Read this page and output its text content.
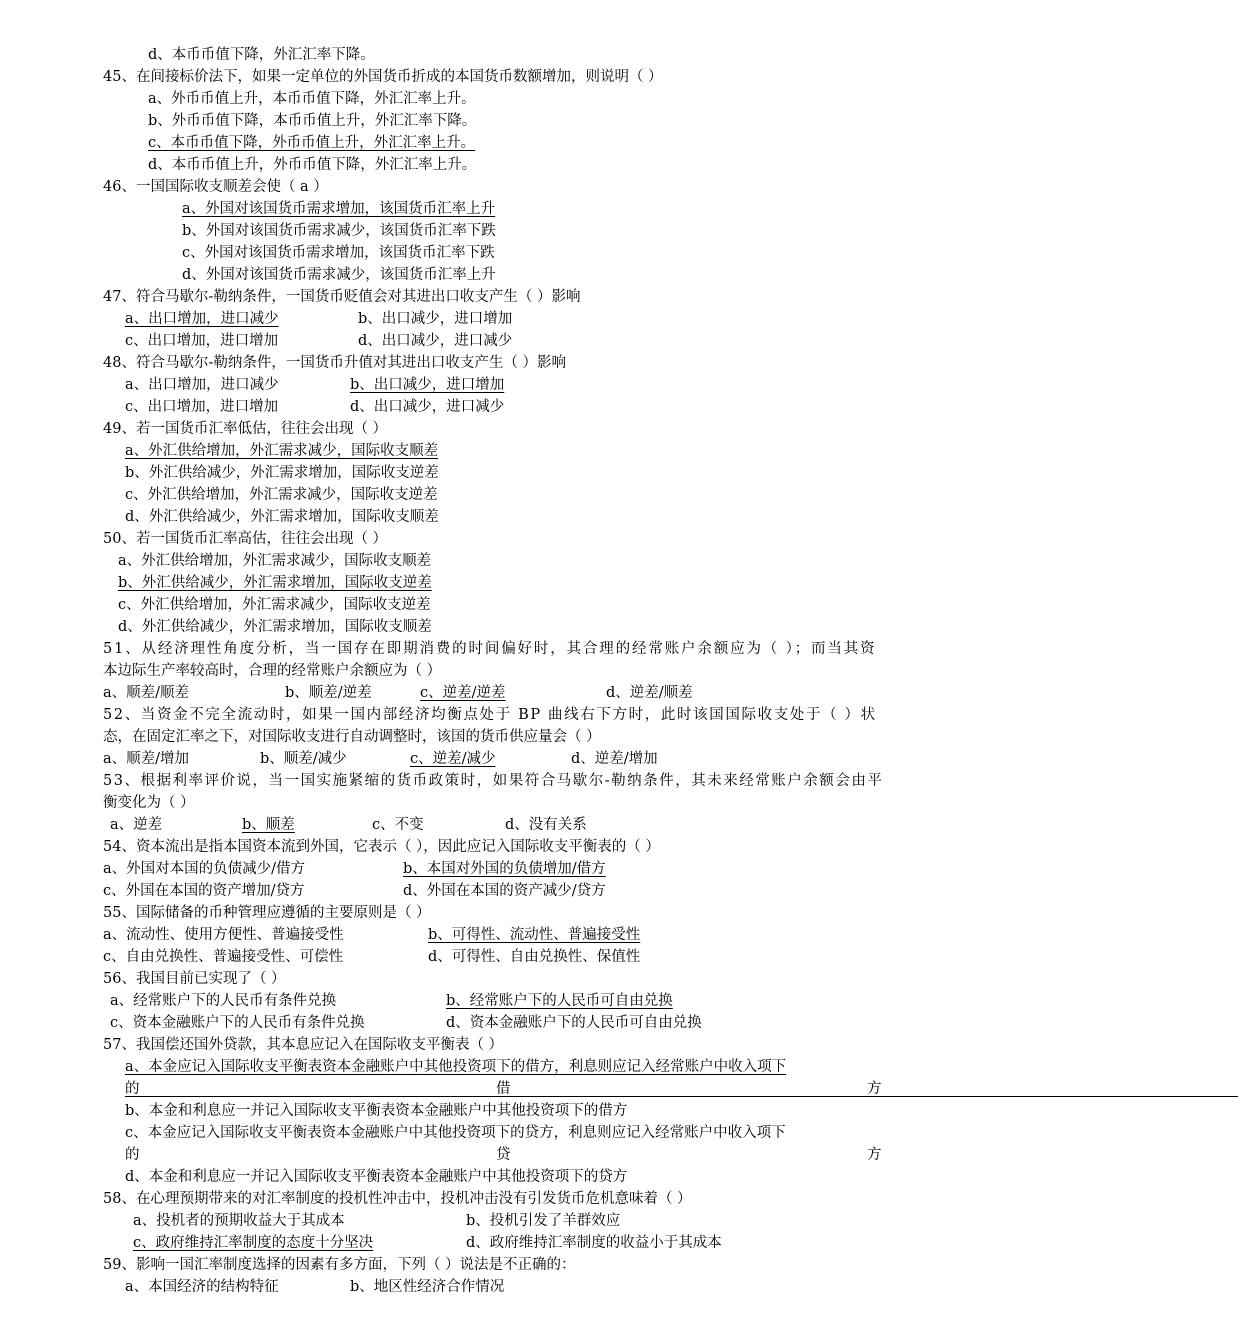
d、本币币值下降，外汇汇率下降。
45、在间接标价法下，如果一定单位的外国货币折成的本国货币数额增加，则说明（ ）
a、外币币值上升，本币币值下降，外汇汇率上升。
b、外币币值下降，本币币值上升，外汇汇率下降。
c、本币币值下降，外币币值上升，外汇汇率上升。
d、本币币值上升，外币币值下降，外汇汇率上升。
46、一国国际收支顺差会使（ a ）
a、外国对该国货币需求增加，该国货币汇率上升
b、外国对该国货币需求减少，该国货币汇率下跌
c、外国对该国货币需求增加，该国货币汇率下跌
d、外国对该国货币需求减少，该国货币汇率上升
47、符合马歇尔-勒纳条件，一国货币贬值会对其进出口收支产生（ ）影响
a、出口增加，进口减少	b、出口减少，进口增加
c、出口增加，进口增加	d、出口减少，进口减少
48、符合马歇尔-勒纳条件，一国货币升值对其进出口收支产生（ ）影响
a、出口增加，进口减少	b、出口减少，进口增加
c、出口增加，进口增加	d、出口减少，进口减少
49、若一国货币汇率低估，往往会出现（ ）
a、外汇供给增加，外汇需求减少，国际收支顺差
b、外汇供给减少，外汇需求增加，国际收支逆差
c、外汇供给增加，外汇需求减少，国际收支逆差
d、外汇供给减少，外汇需求增加，国际收支顺差
50、若一国货币汇率高估，往往会出现（ ）
a、外汇供给增加，外汇需求减少，国际收支顺差
b、外汇供给减少，外汇需求增加，国际收支逆差
c、外汇供给增加，外汇需求减少，国际收支逆差
d、外汇供给减少，外汇需求增加，国际收支顺差
51、从经济理性角度分析，当一国存在即期消费的时间偏好时，其合理的经常账户余额应为（ ）；而当其资
本边际生产率较高时，合理的经常账户余额应为（ ）
a、顺差/顺差	b、顺差/逆差	c、逆差/逆差	d、逆差/顺差
52、当资金不完全流动时，如果一国内部经济均衡点处于 BP 曲线右下方时，此时该国国际收支处于（ ）状
态，在固定汇率之下，对国际收支进行自动调整时，该国的货币供应量会（ ）
a、顺差/增加	b、顺差/减少	c、逆差/减少	d、逆差/增加
53、根据利率评价说，当一国实施紧缩的货币政策时，如果符合马歇尔-勒纳条件，其未来经常账户余额会由平
衡变化为（ ）
a、逆差	b、顺差	c、不变	d、没有关系
54、资本流出是指本国资本流到外国，它表示（ ），因此应记入国际收支平衡表的（ ）
a、外国对本国的负债减少/借方	b、本国对外国的负债增加/借方
c、外国在本国的资产增加/贷方	d、外国在本国的资产减少/贷方
55、国际储备的币种管理应遵循的主要原则是（ ）
a、流动性、使用方便性、普遍接受性	b、可得性、流动性、普遍接受性
c、自由兑换性、普遍接受性、可偿性	d、可得性、自由兑换性、保值性
56、我国目前已实现了（ ）
a、经常账户下的人民币有条件兑换	b、经常账户下的人民币可自由兑换
c、资本金融账户下的人民币有条件兑换	d、资本金融账户下的人民币可自由兑换
57、我国偿还国外贷款，其本息应记入在国际收支平衡表（ ）
a、本金应记入国际收支平衡表资本金融账户中其他投资项下的借方，利息则应记入经常账户中收入项下
的借方
b、本金和利息应一并记入国际收支平衡表资本金融账户中其他投资项下的借方
c、本金应记入国际收支平衡表资本金融账户中其他投资项下的贷方，利息则应记入经常账户中收入项下
的贷方
d、本金和利息应一并记入国际收支平衡表资本金融账户中其他投资项下的贷方
58、在心理预期带来的对汇率制度的投机性冲击中，投机冲击没有引发货币危机意味着（ ）
a、投机者的预期收益大于其成本	b、投机引发了羊群效应
c、政府维持汇率制度的态度十分坚决	d、政府维持汇率制度的收益小于其成本
59、影响一国汇率制度选择的因素有多方面，下列（ ）说法是不正确的：
a、本国经济的结构特征	b、地区性经济合作情况
